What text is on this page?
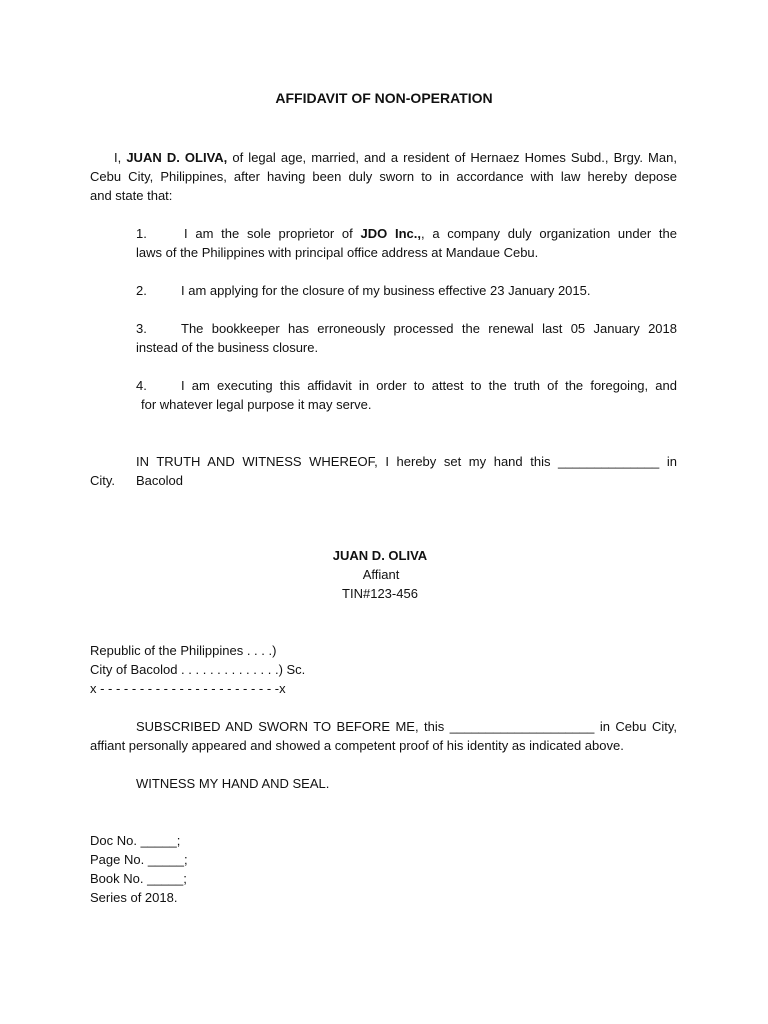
AFFIDAVIT OF NON-OPERATION
I, JUAN D. OLIVA, of legal age, married, and a resident of Hernaez Homes Subd., Brgy. Man,
Cebu City, Philippines, after having been duly sworn to in accordance with law hereby depose
and state that:
1.	I am the sole proprietor of JDO Inc.,, a company duly organization under the
laws of the Philippines with principal office address at Mandaue Cebu.
2.	I am applying for the closure of my business effective 23 January 2015.
3.	The bookkeeper has erroneously processed the renewal last 05 January 2018
instead of the business closure.
4.	I am executing this affidavit in order to attest to the truth of the foregoing, and
for whatever legal purpose it may serve.
IN TRUTH AND WITNESS WHEREOF, I hereby set my hand this ______________ in Bacolod
City.
JUAN D. OLIVA
Affiant
TIN#123-456
Republic of the Philippines . . . .)
City of Bacolod . . . . . . . . . . . . . .) Sc.
x - - - - - - - - - - - - - - - - - - - - - - -x
SUBSCRIBED AND SWORN TO BEFORE ME, this ____________________ in Cebu City,
affiant personally appeared and showed a competent proof of his identity as indicated above.
WITNESS MY HAND AND SEAL.
Doc No. _____;
Page No. _____;
Book No. _____;
Series of 2018.
